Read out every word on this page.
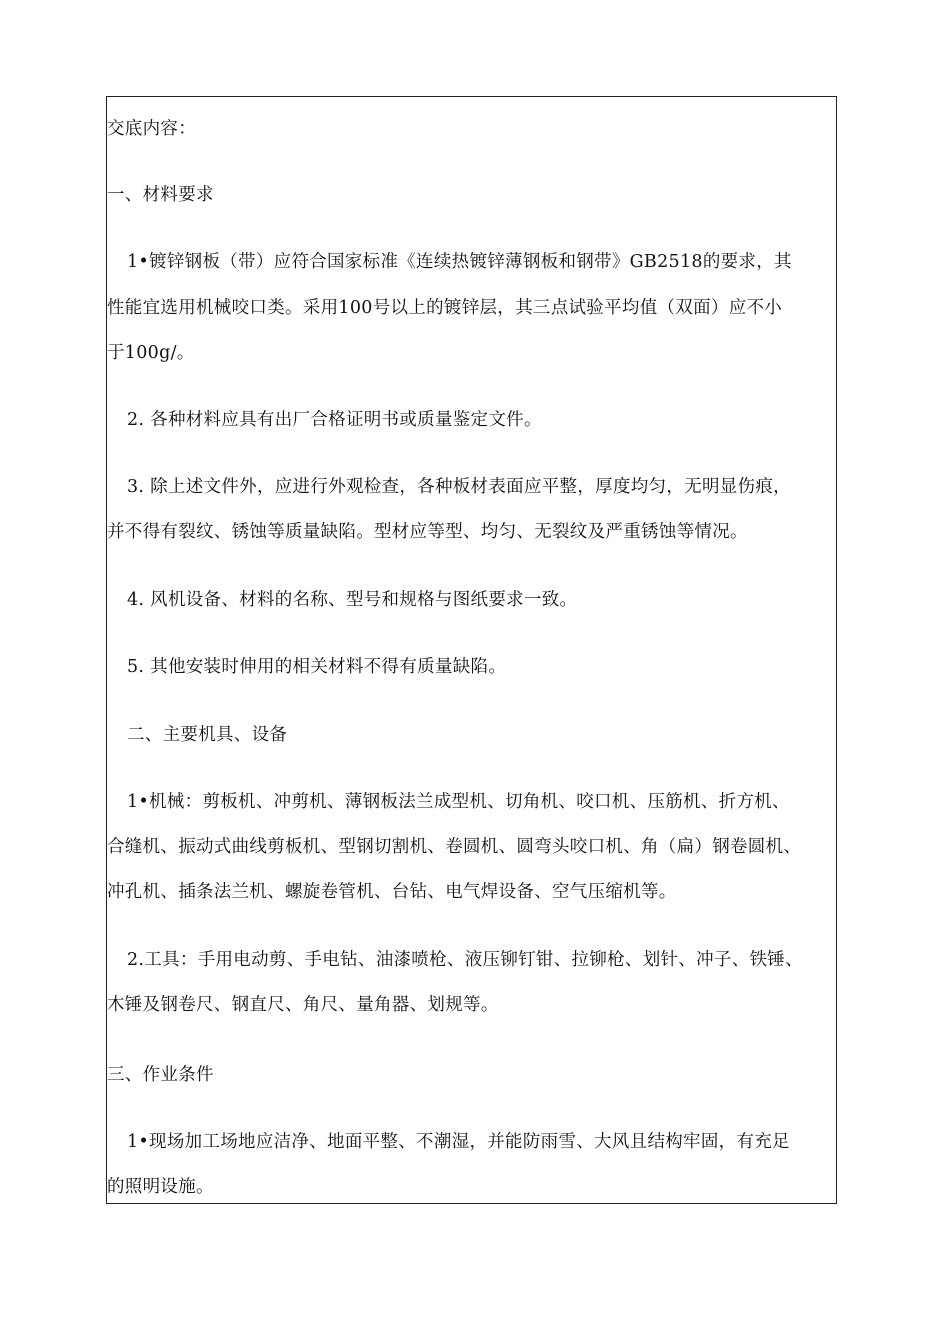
交底内容：
一、材料要求
1•镀锌钢板（带）应符合国家标准《连续热镀锌薄钢板和钢带》GB2518的要求，其
性能宜选用机械咬口类。采用100号以上的镀锌层，其三点试验平均值（双面）应不小
于100g/。
2. 各种材料应具有出厂合格证明书或质量鉴定文件。
3. 除上述文件外，应进行外观检查，各种板材表面应平整，厚度均匀，无明显伤痕，
并不得有裂纹、锈蚀等质量缺陷。型材应等型、均匀、无裂纹及严重锈蚀等情况。
4. 风机设备、材料的名称、型号和规格与图纸要求一致。
5. 其他安装时伸用的相关材料不得有质量缺陷。
二、主要机具、设备
1•机械：剪板机、冲剪机、薄钢板法兰成型机、切角机、咬口机、压筋机、折方机、
合缝机、振动式曲线剪板机、型钢切割机、卷圆机、圆弯头咬口机、角（扁）钢卷圆机、
冲孔机、插条法兰机、螺旋卷管机、台钻、电气焊设备、空气压缩机等。
2.工具：手用电动剪、手电钻、油漆喷枪、液压铆钉钳、拉铆枪、划针、冲子、铁锤、
木锤及钢卷尺、钢直尺、角尺、量角器、划规等。
三、作业条件
1•现场加工场地应洁净、地面平整、不潮湿，并能防雨雪、大风且结构牢固，有充足
的照明设施。
